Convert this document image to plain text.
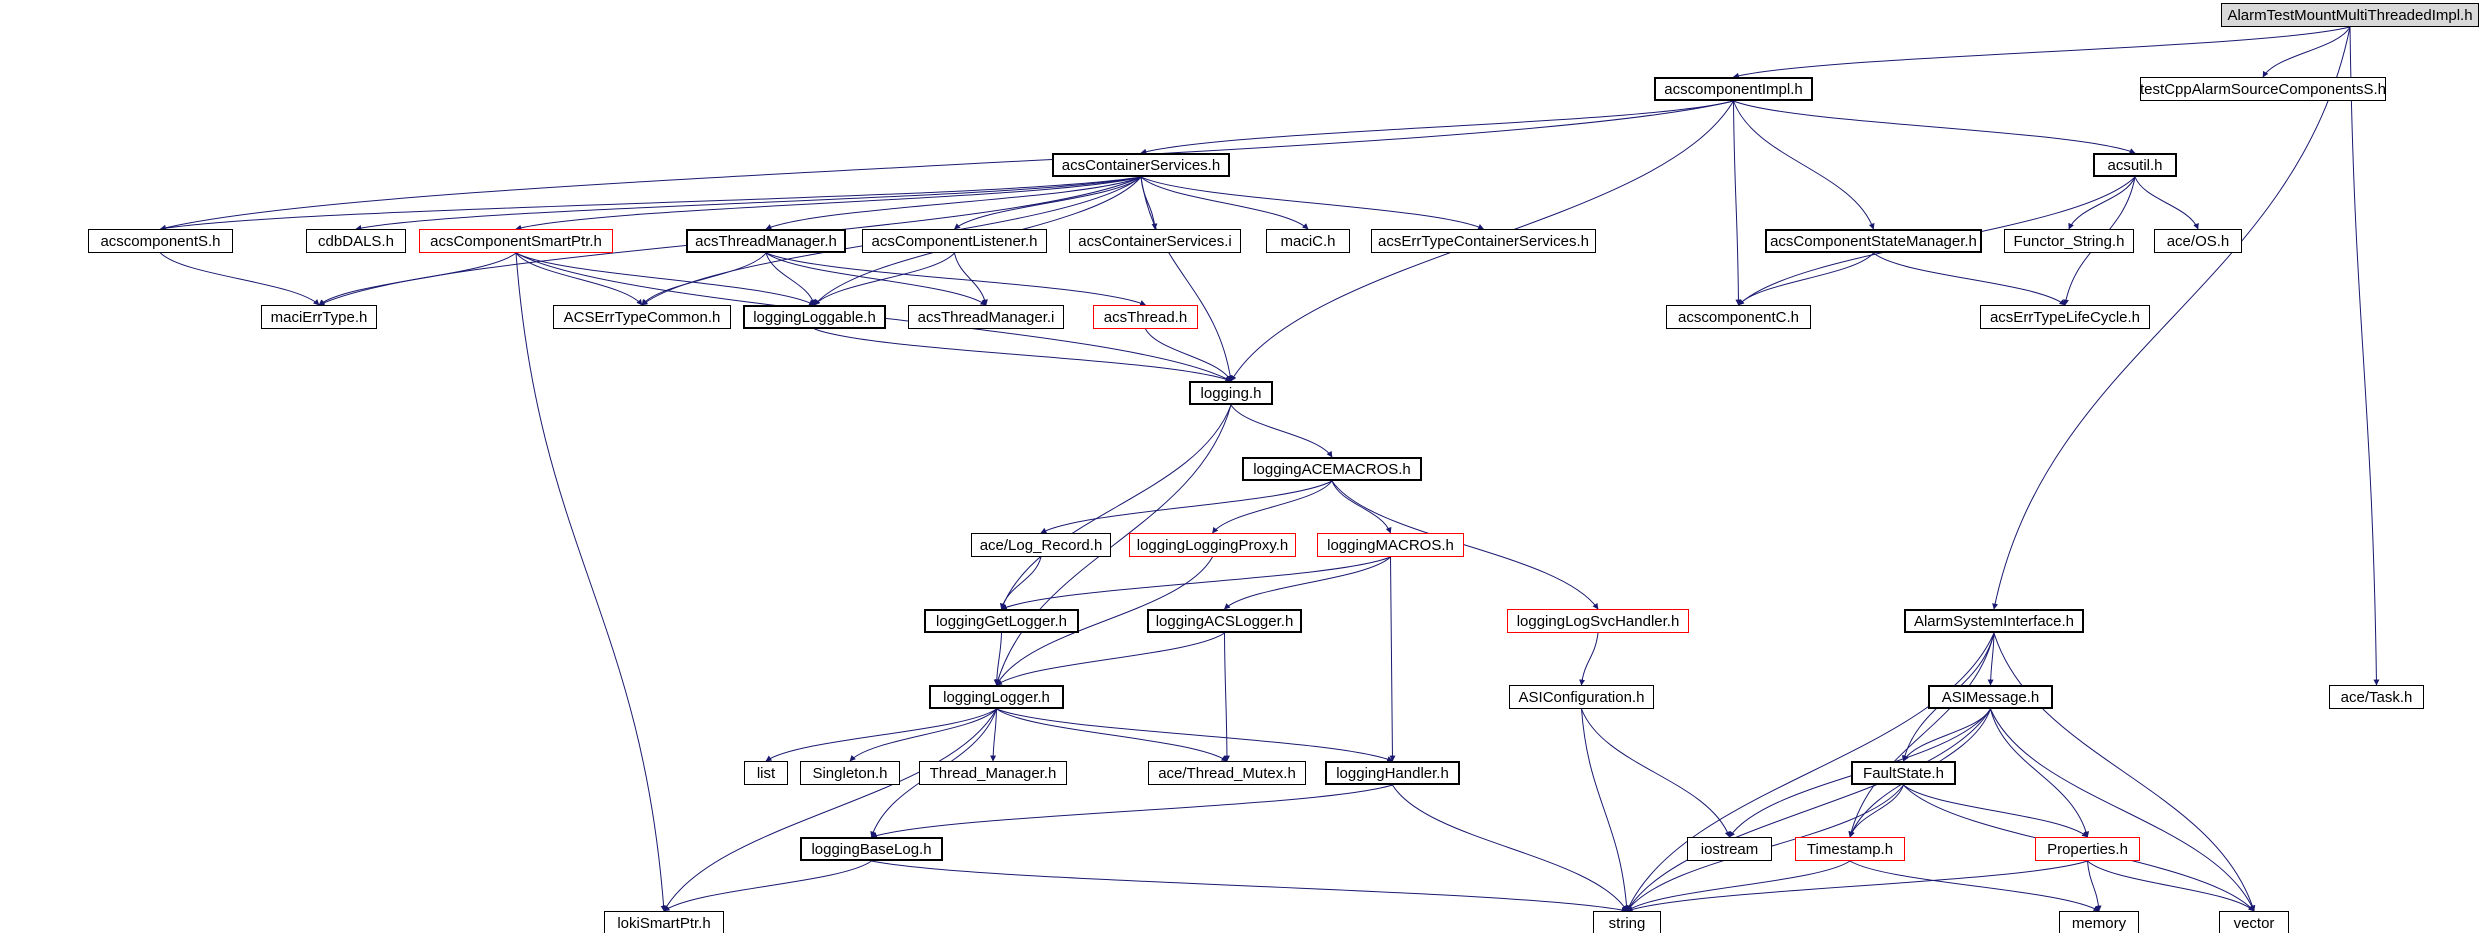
AlarmTestMountMultiThreadedImpl.h
acscomponentImpl.h	testCppAlarmSourceComponentsS.h
acsContainerServices.h	acsutil.h
acscomponentS.h	cdbDALS.h	acsComponentSmartPtr.h	acsThreadManager.h	acsComponentListener.h	acsContainerServices.i	maciC.h	acsErrTypeContainerServices.h	acsComponentStateManager.h	Functor_String.h	ace/OS.h
maciErrType.h	ACSErrTypeCommon.h	loggingLoggable.h	acsThreadManager.i	acsThread.h	acscomponentC.h	acsErrTypeLifeCycle.h
logging.h
loggingACEMACROS.h
ace/Log_Record.h	loggingLoggingProxy.h	loggingMACROS.h
loggingGetLogger.h	loggingACSLogger.h	loggingLogSvcHandler.h	AlarmSystemInterface.h
ASIConfiguration.h	ASIMessage.h	ace/Task.h
loggingLogger.h
FaultState.h
list	Singleton.h	Thread_Manager.h	ace/Thread_Mutex.h	loggingHandler.h
iostream	Timestamp.h	Properties.h
loggingBaseLog.h
lokiSmartPtr.h	string	memory	vector
